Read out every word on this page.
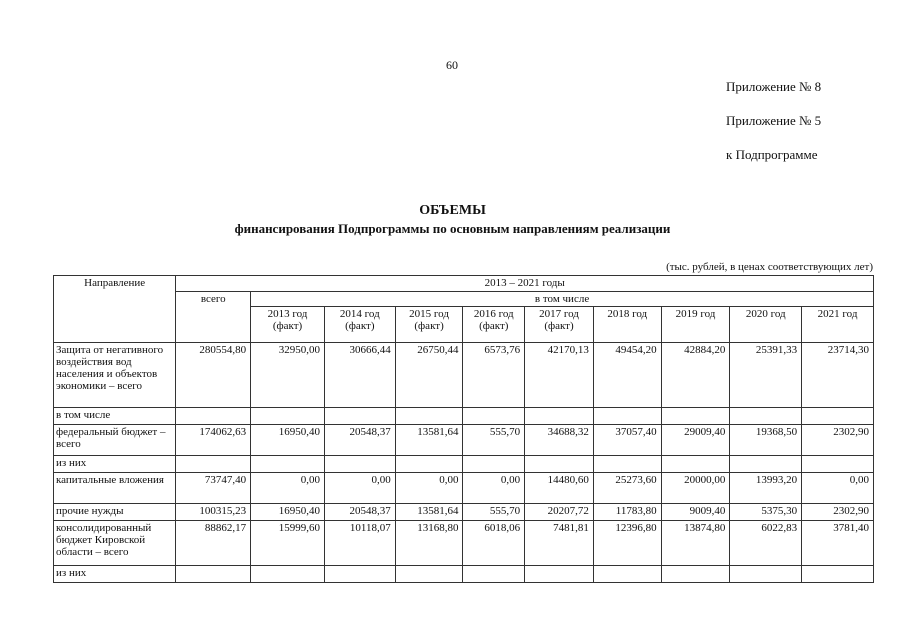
60
Приложение № 8
Приложение № 5
к Подпрограмме
ОБЪЕМЫ
финансирования Подпрограммы по основным направлениям реализации
(тыс. рублей, в ценах соответствующих лет)
Направление	2013 – 2021 годы									
	всего	в том числе								
		2013 год (факт)	2014 год (факт)	2015 год (факт)	2016 год (факт)	2017 год (факт)	2018 год	2019 год	2020 год	2021 год
Защита от негативного воздействия вод населения и объектов экономики – всего	280554,80	32950,00	30666,44	26750,44	6573,76	42170,13	49454,20	42884,20	25391,33	23714,30
в том числе										
федеральный бюджет – всего	174062,63	16950,40	20548,37	13581,64	555,70	34688,32	37057,40	29009,40	19368,50	2302,90
из них										
капитальные вложения	73747,40	0,00	0,00	0,00	0,00	14480,60	25273,60	20000,00	13993,20	0,00
прочие нужды	100315,23	16950,40	20548,37	13581,64	555,70	20207,72	11783,80	9009,40	5375,30	2302,90
консолидированный бюджет Кировской области – всего	88862,17	15999,60	10118,07	13168,80	6018,06	7481,81	12396,80	13874,80	6022,83	3781,40
из них										
